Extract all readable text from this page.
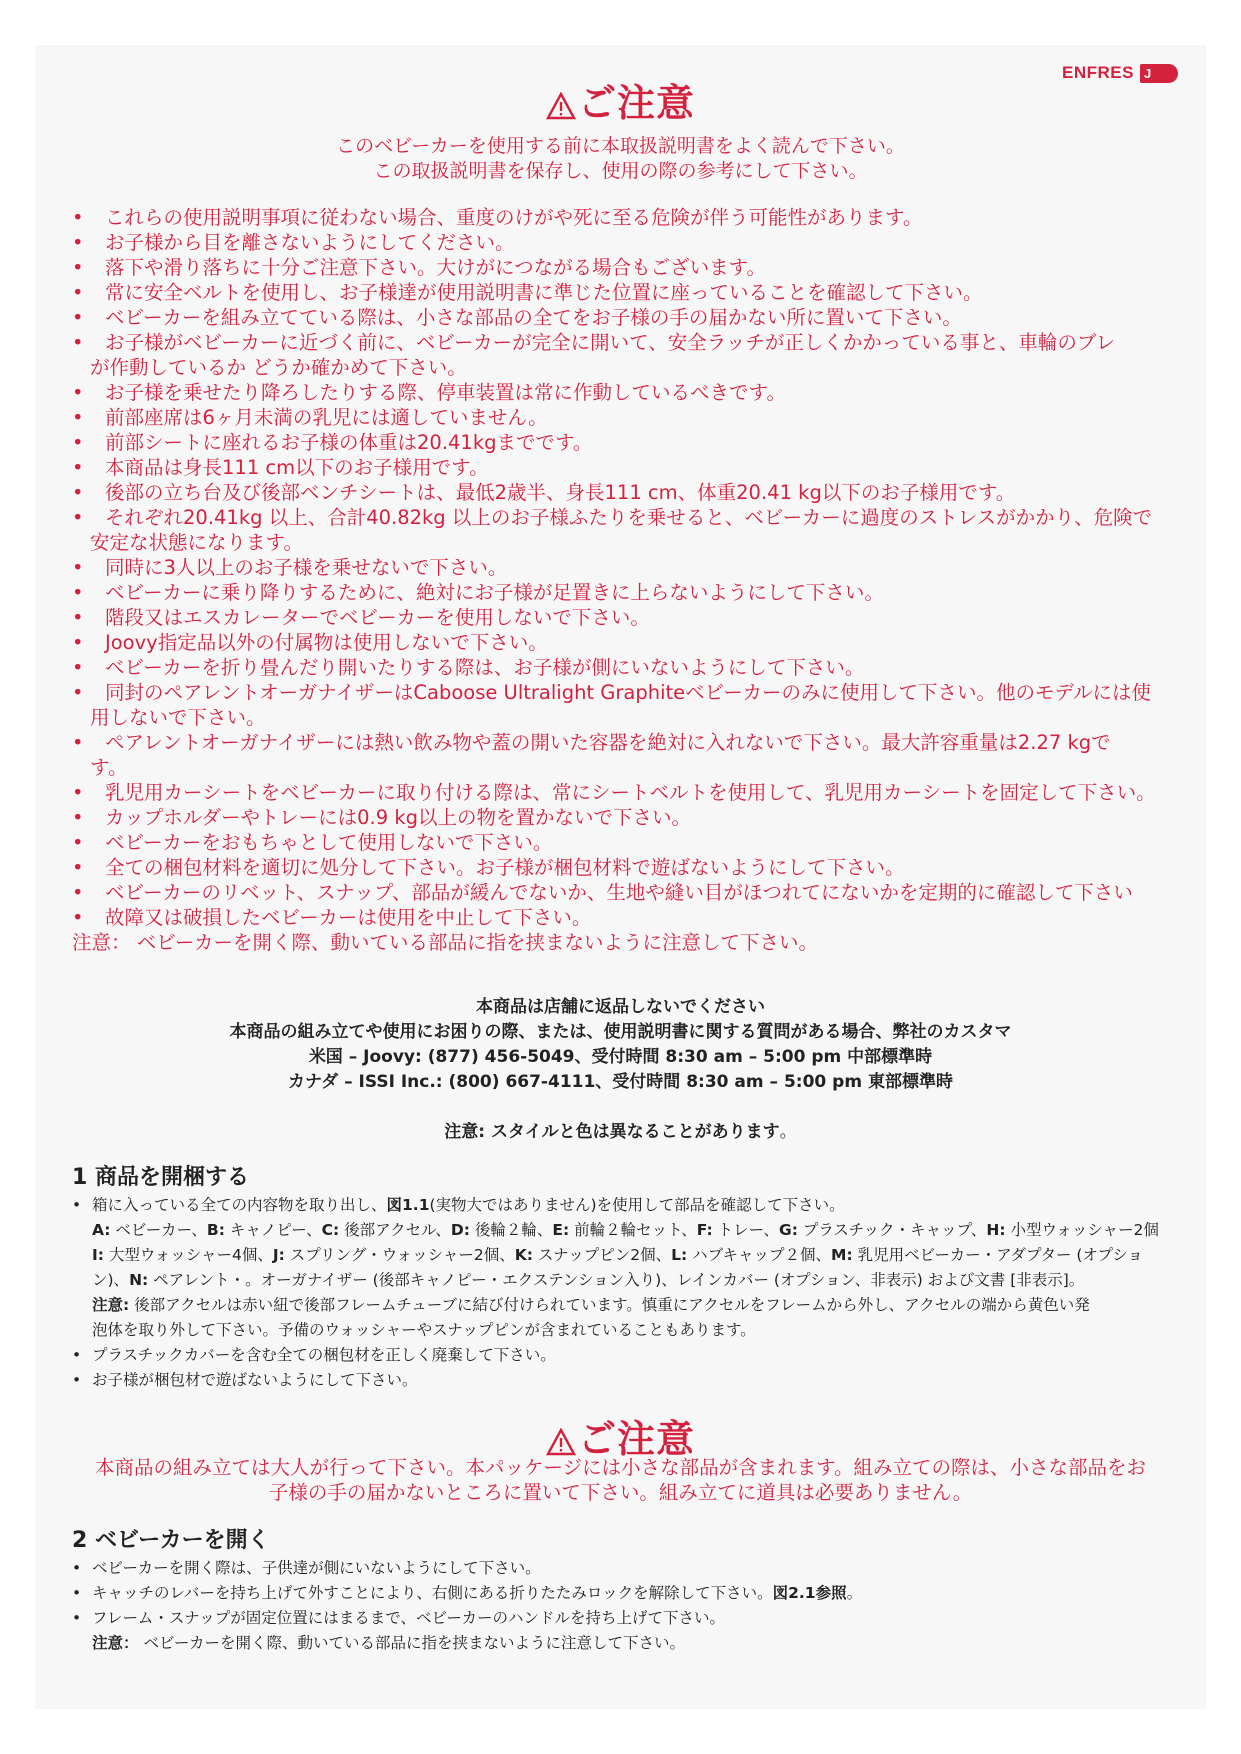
ENFRES J
ご注意
このベビーカーを使用する前に本取扱説明書をよく読んで下さい。
この取扱説明書を保存し、使用の際の参考にして下さい。
• これらの使用説明事項に従わない場合、重度のけがや死に至る危険が伴う可能性があります。
• お子様から目を離さないようにしてください。
• 落下や滑り落ちに十分ご注意下さい。大けがにつながる場合もございます。
• 常に安全ベルトを使用し、お子様達が使用説明書に準じた位置に座っていることを確認して下さい。
• ベビーカーを組み立てている際は、小さな部品の全てをお子様の手の届かない所に置いて下さい。
• お子様がベビーカーに近づく前に、ベビーカーが完全に開いて、安全ラッチが正しくかかっている事と、車輪のブレ
が作動しているか どうか確かめて下さい。
• お子様を乗せたり降ろしたりする際、停車装置は常に作動しているべきです。
• 前部座席は6ヶ月未満の乳児には適していません。
• 前部シートに座れるお子様の体重は20.41kgまでです。
• 本商品は身長111 cm以下のお子様用です。
• 後部の立ち台及び後部ベンチシートは、最低2歳半、身長111 cm、体重20.41 kg以下のお子様用です。
• それぞれ20.41kg 以上、合計40.82kg 以上のお子様ふたりを乗せると、ベビーカーに過度のストレスがかかり、危険で
安定な状態になります。
• 同時に3人以上のお子様を乗せないで下さい。
• ベビーカーに乗り降りするために、絶対にお子様が足置きに上らないようにして下さい。
• 階段又はエスカレーターでベビーカーを使用しないで下さい。
• Joovy指定品以外の付属物は使用しないで下さい。
• ベビーカーを折り畳んだり開いたりする際は、お子様が側にいないようにして下さい。
• 同封のペアレントオーガナイザーはCaboose Ultralight Graphiteベビーカーのみに使用して下さい。他のモデルには使
用しないで下さい。
• ペアレントオーガナイザーには熱い飲み物や蓋の開いた容器を絶対に入れないで下さい。最大許容重量は2.27 kgで
す。
• 乳児用カーシートをベビーカーに取り付ける際は、常にシートベルトを使用して、乳児用カーシートを固定して下さい。
• カップホルダーやトレーには0.9 kg以上の物を置かないで下さい。
• ベビーカーをおもちゃとして使用しないで下さい。
• 全ての梱包材料を適切に処分して下さい。お子様が梱包材料で遊ばないようにして下さい。
• ベビーカーのリベット、スナップ、部品が緩んでないか、生地や縫い目がほつれてにないかを定期的に確認して下さい
• 故障又は破損したベビーカーは使用を中止して下さい。
注意： ベビーカーを開く際、動いている部品に指を挟まないように注意して下さい。
本商品は店舗に返品しないでください
本商品の組み立てや使用にお困りの際、または、使用説明書に関する質問がある場合、弊社のカスタマ
米国 – Joovy: (877) 456-5049、受付時間 8:30 am – 5:00 pm 中部標準時
カナダ – ISSI Inc.: (800) 667-4111、受付時間 8:30 am – 5:00 pm 東部標準時
注意: スタイルと色は異なることがあります。
1 商品を開梱する
• 箱に入っている全ての内容物を取り出し、図1.1(実物大ではありません)を使用して部品を確認して下さい。
A: ベビーカー、B: キャノピー、C: 後部アクセル、D: 後輪２輪、E: 前輪２輪セット、F: トレー、G: プラスチック・キャップ、H: 小型ウォッシャー2個
I: 大型ウォッシャー4個、J: スプリング・ウォッシャー2個、K: スナップピン2個、L: ハブキャップ２個、M: 乳児用ベビーカー・アダプター (オプショ
ン)、N: ペアレント・。オーガナイザー (後部キャノピー・エクステンション入り)、レインカバー (オプション、非表示) および文書 [非表示]。
注意: 後部アクセルは赤い紐で後部フレームチューブに結び付けられています。慎重にアクセルをフレームから外し、アクセルの端から黄色い発
泡体を取り外して下さい。予備のウォッシャーやスナップピンが含まれていることもあります。
• プラスチックカバーを含む全ての梱包材を正しく廃棄して下さい。
• お子様が梱包材で遊ばないようにして下さい。
ご注意
本商品の組み立ては大人が行って下さい。本パッケージには小さな部品が含まれます。組み立ての際は、小さな部品をお
子様の手の届かないところに置いて下さい。組み立てに道具は必要ありません。
2 ベビーカーを開く
• ベビーカーを開く際は、子供達が側にいないようにして下さい。
• キャッチのレバーを持ち上げて外すことにより、右側にある折りたたみロックを解除して下さい。図2.1参照。
• フレーム・スナップが固定位置にはまるまで、ベビーカーのハンドルを持ち上げて下さい。
注意： ベビーカーを開く際、動いている部品に指を挟まないように注意して下さい。
